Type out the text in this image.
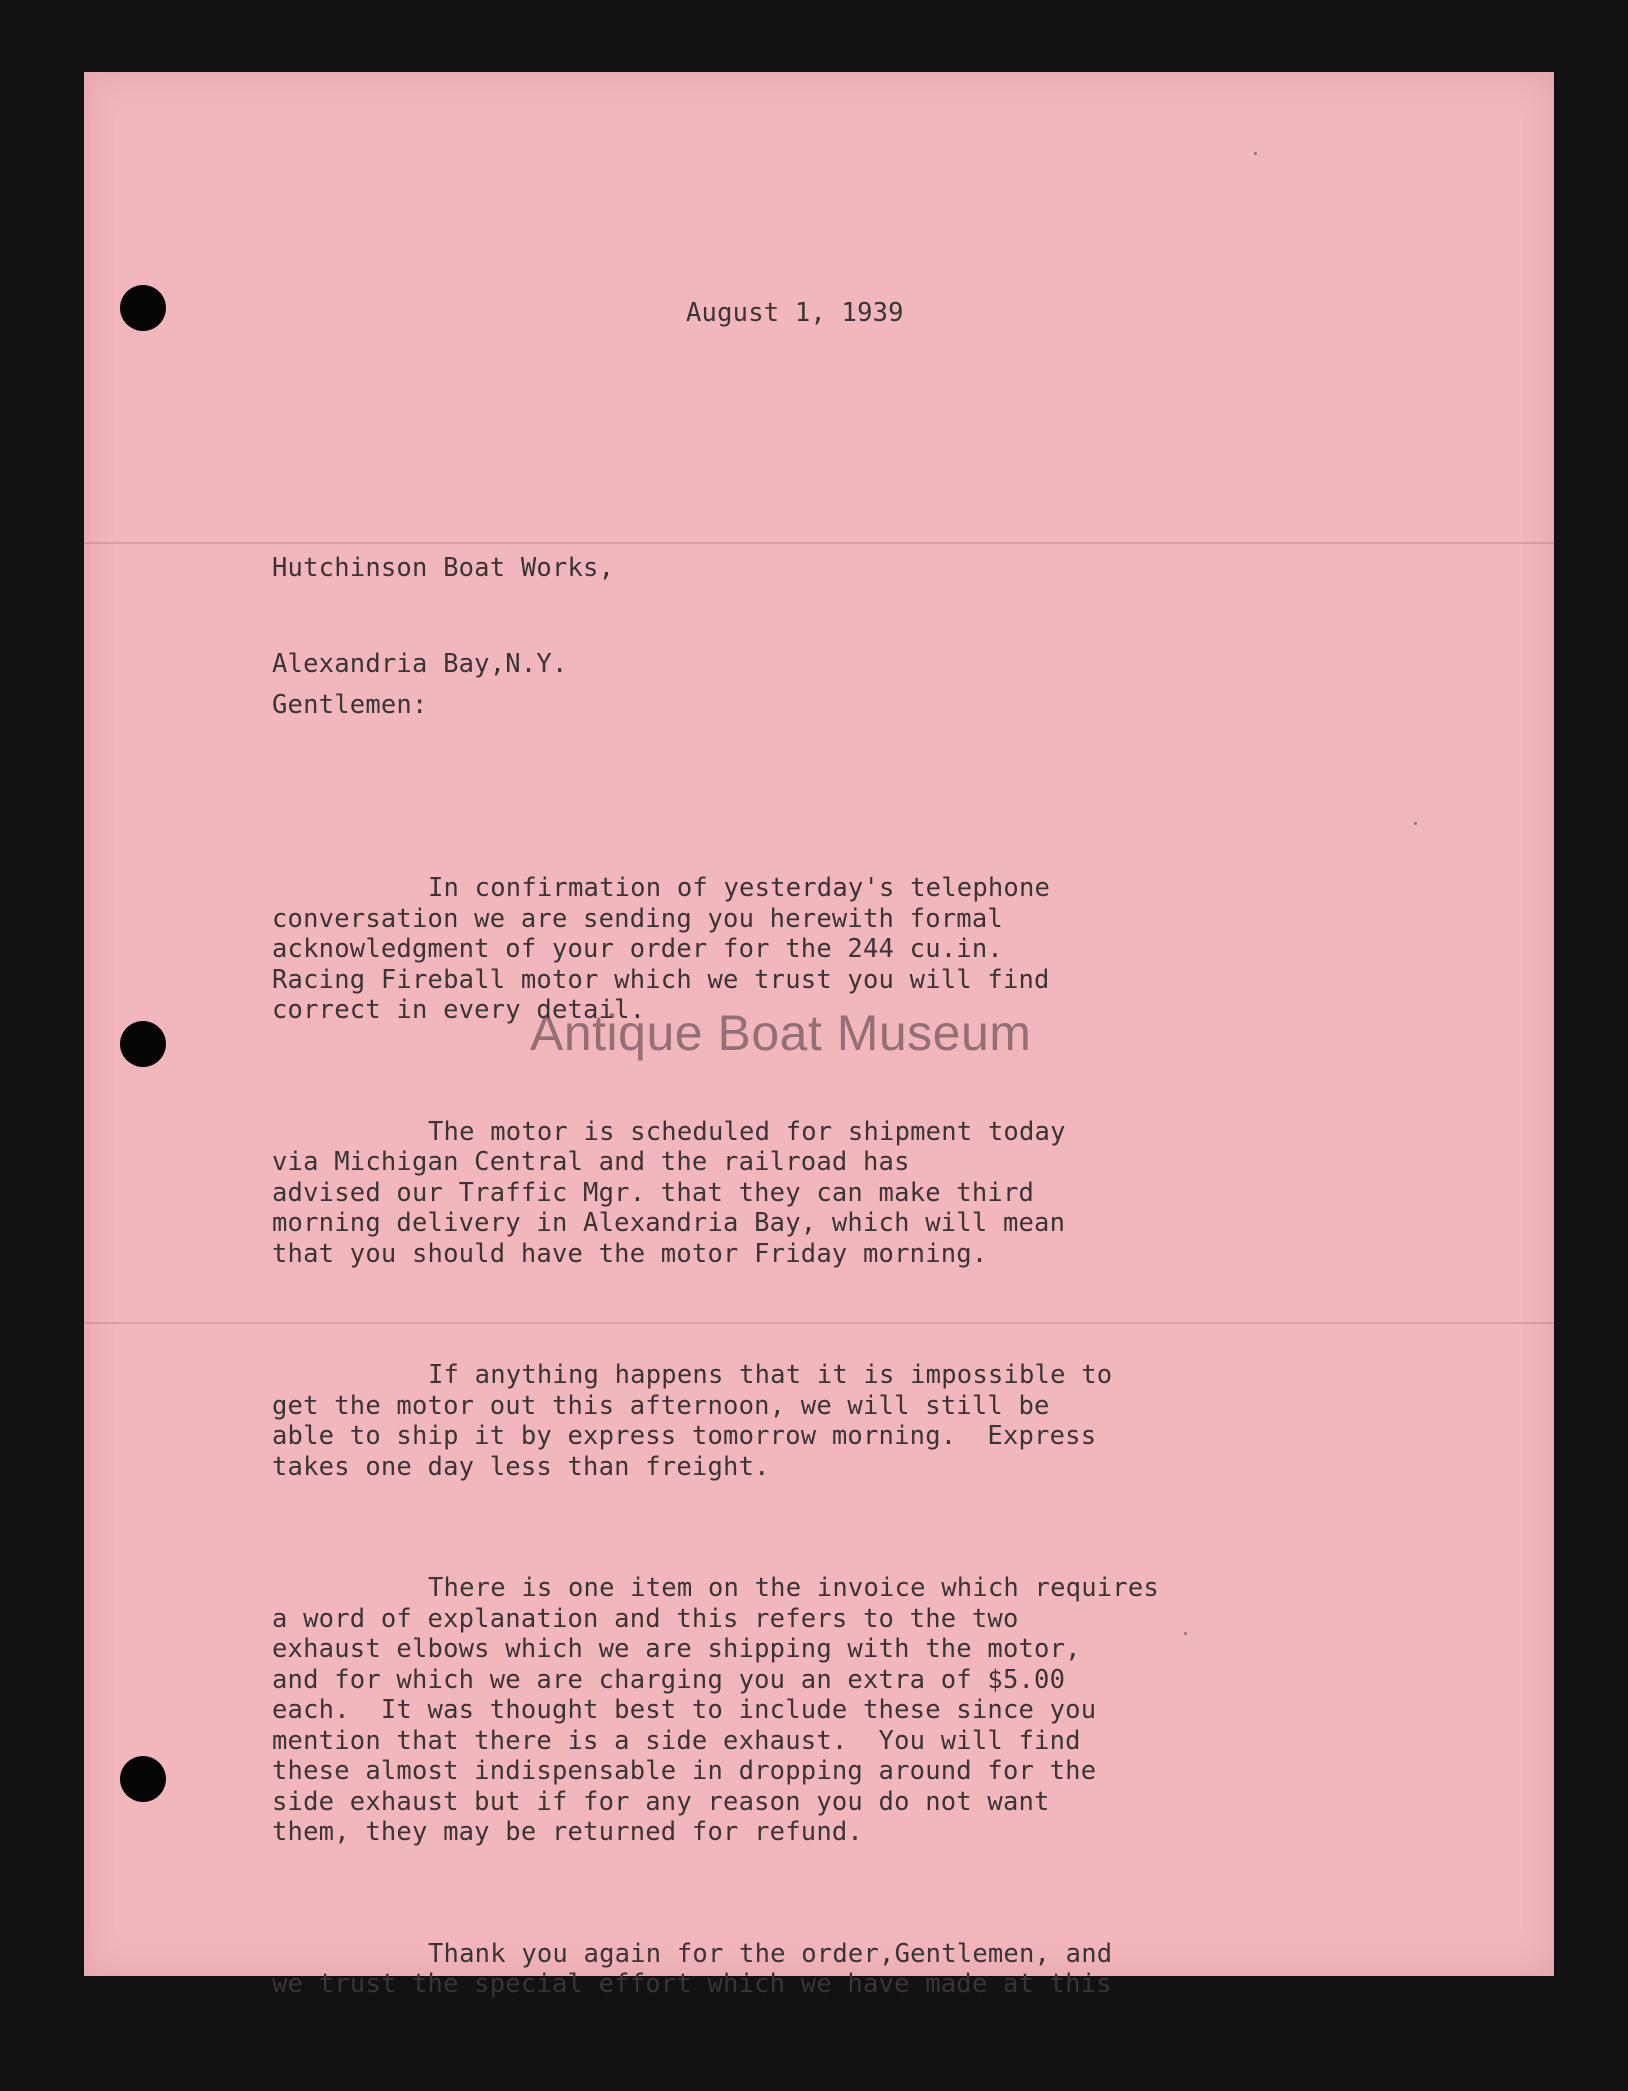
August 1, 1939

Hutchinson Boat Works,

Alexandria Bay,N.Y.

Gentlemen:

In confirmation of yesterday's telephone
conversation we are sending you herewith formal
acknowledgment of your order for the 244 cu.in.
Racing Fireball motor which we trust you will find
correct in every detail.

The motor is scheduled for shipment today
via Michigan Central and the railroad has
advised our Traffic Mgr. that they can make third
morning delivery in Alexandria Bay, which will mean
that you should have the motor Friday morning.

If anything happens that it is impossible to
get the motor out this afternoon, we will still be
able to ship it by express tomorrow morning.  Express
takes one day less than freight.

There is one item on the invoice which requires
a word of explanation and this refers to the two
exhaust elbows which we are shipping with the motor,
and for which we are charging you an extra of $5.00
each.  It was thought best to include these since you
mention that there is a side exhaust.  You will find
these almost indispensable in dropping around for the
side exhaust but if for any reason you do not want
them, they may be returned for refund.

Thank you again for the order,Gentlemen, and
we trust the special effort which we have made at this

Antique Boat Museum
